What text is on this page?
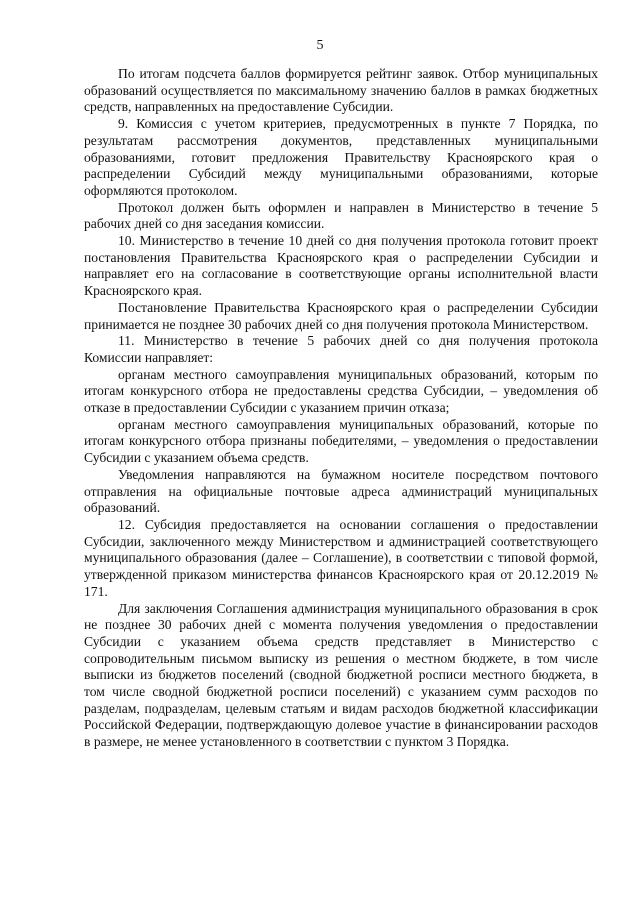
5

По итогам подсчета баллов формируется рейтинг заявок. Отбор муниципальных образований осуществляется по максимальному значению баллов в рамках бюджетных средств, направленных на предоставление Субсидии.

9. Комиссия с учетом критериев, предусмотренных в пункте 7 Порядка, по результатам рассмотрения документов, представленных муниципальными образованиями, готовит предложения Правительству Красноярского края о распределении Субсидий между муниципальными образованиями, которые оформляются протоколом.

Протокол должен быть оформлен и направлен в Министерство в течение 5 рабочих дней со дня заседания комиссии.

10. Министерство в течение 10 дней со дня получения протокола готовит проект постановления Правительства Красноярского края о распределении Субсидии и направляет его на согласование в соответствующие органы исполнительной власти Красноярского края.

Постановление Правительства Красноярского края о распределении Субсидии принимается не позднее 30 рабочих дней со дня получения протокола Министерством.

11. Министерство в течение 5 рабочих дней со дня получения протокола Комиссии направляет:

органам местного самоуправления муниципальных образований, которым по итогам конкурсного отбора не предоставлены средства Субсидии, – уведомления об отказе в предоставлении Субсидии с указанием причин отказа;

органам местного самоуправления муниципальных образований, которые по итогам конкурсного отбора признаны победителями, – уведомления о предоставлении Субсидии с указанием объема средств.

Уведомления направляются на бумажном носителе посредством почтового отправления на официальные почтовые адреса администраций муниципальных образований.

12. Субсидия предоставляется на основании соглашения о предоставлении Субсидии, заключенного между Министерством и администрацией соответствующего муниципального образования (далее – Соглашение), в соответствии с типовой формой, утвержденной приказом министерства финансов Красноярского края от 20.12.2019 № 171.

Для заключения Соглашения администрация муниципального образования в срок не позднее 30 рабочих дней с момента получения уведомления о предоставлении Субсидии с указанием объема средств представляет в Министерство с сопроводительным письмом выписку из решения о местном бюджете, в том числе выписки из бюджетов поселений (сводной бюджетной росписи местного бюджета, в том числе сводной бюджетной росписи поселений) с указанием сумм расходов по разделам, подразделам, целевым статьям и видам расходов бюджетной классификации Российской Федерации, подтверждающую долевое участие в финансировании расходов в размере, не менее установленного в соответствии с пунктом 3 Порядка.
